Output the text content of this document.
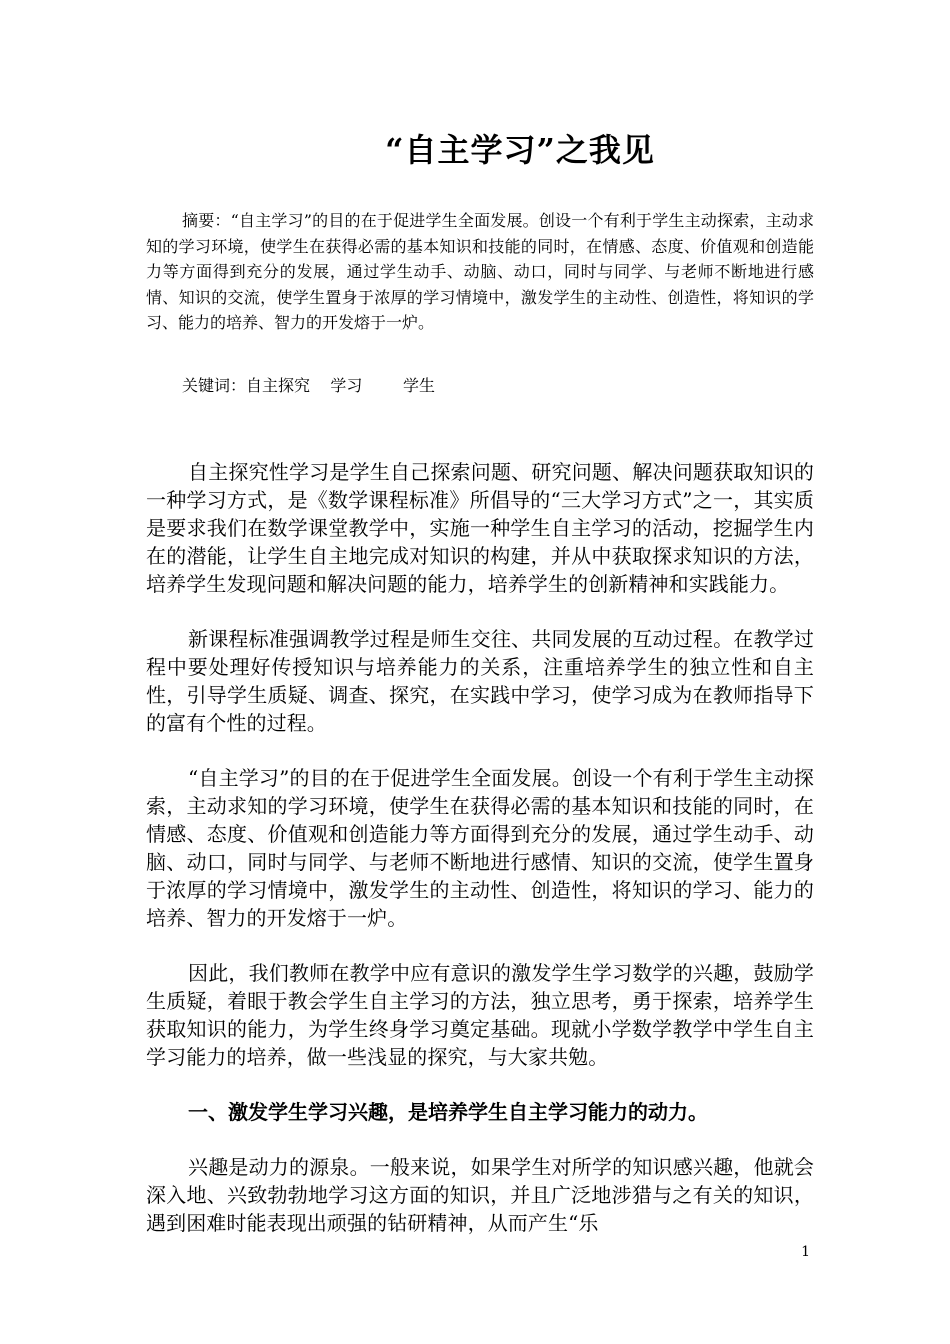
“自主学习”之我见

摘要：“自主学习”的目的在于促进学生全面发展。创设一个有利于学生主动探索，主动求知的学习环境，使学生在获得必需的基本知识和技能的同时，在情感、态度、价值观和创造能力等方面得到充分的发展，通过学生动手、动脑、动口，同时与同学、与老师不断地进行感情、知识的交流，使学生置身于浓厚的学习情境中，激发学生的主动性、创造性，将知识的学习、能力的培养、智力的开发熔于一炉。

关键词：自主探究    学习        学生

自主探究性学习是学生自己探索问题、研究问题、解决问题获取知识的一种学习方式，是《数学课程标准》所倡导的“三大学习方式”之一，其实质是要求我们在数学课堂教学中，实施一种学生自主学习的活动，挖掘学生内在的潜能，让学生自主地完成对知识的构建，并从中获取探求知识的方法，培养学生发现问题和解决问题的能力，培养学生的创新精神和实践能力。

新课程标准强调教学过程是师生交往、共同发展的互动过程。在教学过程中要处理好传授知识与培养能力的关系，注重培养学生的独立性和自主性，引导学生质疑、调查、探究，在实践中学习，使学习成为在教师指导下的富有个性的过程。

“自主学习”的目的在于促进学生全面发展。创设一个有利于学生主动探索，主动求知的学习环境，使学生在获得必需的基本知识和技能的同时，在情感、态度、价值观和创造能力等方面得到充分的发展，通过学生动手、动脑、动口，同时与同学、与老师不断地进行感情、知识的交流，使学生置身于浓厚的学习情境中，激发学生的主动性、创造性，将知识的学习、能力的培养、智力的开发熔于一炉。

因此，我们教师在教学中应有意识的激发学生学习数学的兴趣，鼓励学生质疑，着眼于教会学生自主学习的方法，独立思考，勇于探索，培养学生获取知识的能力，为学生终身学习奠定基础。现就小学数学教学中学生自主学习能力的培养，做一些浅显的探究，与大家共勉。

一、激发学生学习兴趣，是培养学生自主学习能力的动力。

兴趣是动力的源泉。一般来说，如果学生对所学的知识感兴趣，他就会深入地、兴致勃勃地学习这方面的知识，并且广泛地涉猎与之有关的知识，遇到困难时能表现出顽强的钻研精神，从而产生“乐

1
